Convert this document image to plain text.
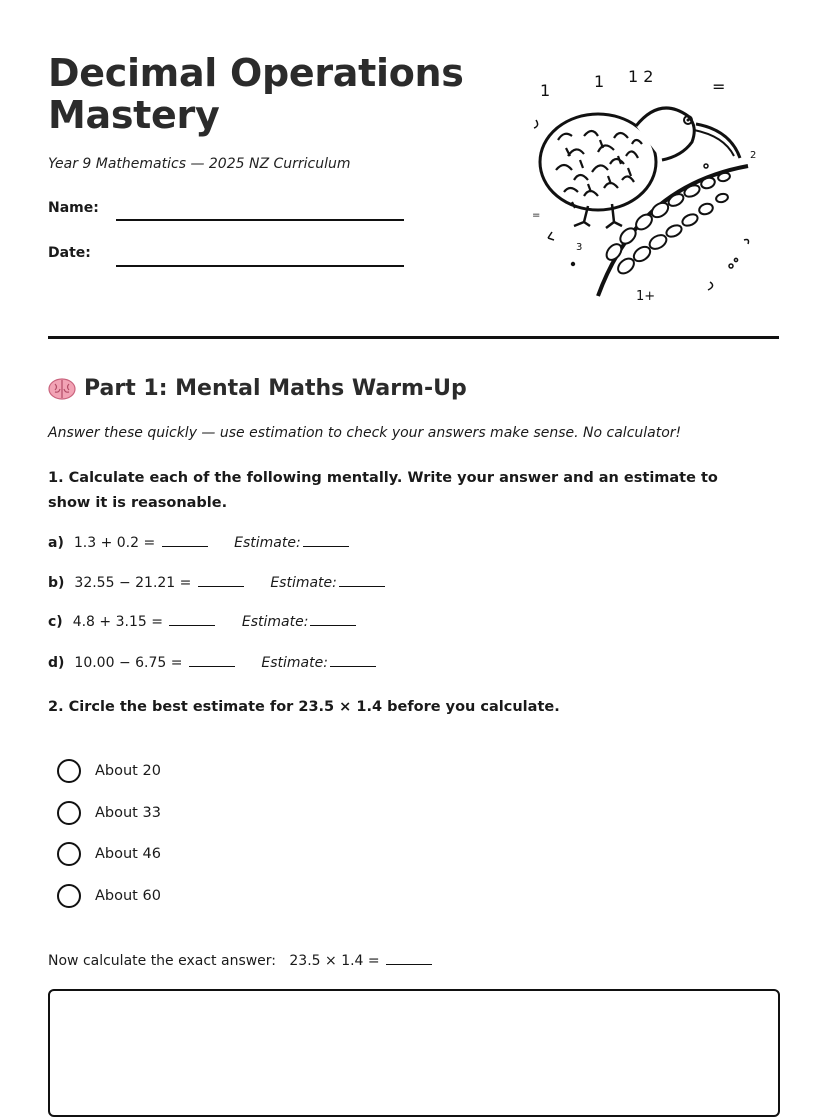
Decimal Operations
Mastery
Year 9 Mathematics — 2025 NZ Curriculum
Name:
Date:
1	1 1 2
=
2
3
1+
=
Part 1: Mental Maths Warm-Up
Answer these quickly — use estimation to check your answers make sense. No calculator!
1. Calculate each of the following mentally. Write your answer and an estimate to show it is reasonable.
a) 1.3 + 0.2 =	Estimate:
b) 32.55 − 21.21 =	Estimate:
c) 4.8 + 3.15 =	Estimate:
d) 10.00 − 6.75 =	Estimate:
2. Circle the best estimate for 23.5 × 1.4 before you calculate.
About 20
About 33
About 46
About 60
Now calculate the exact answer: 23.5 × 1.4 =
